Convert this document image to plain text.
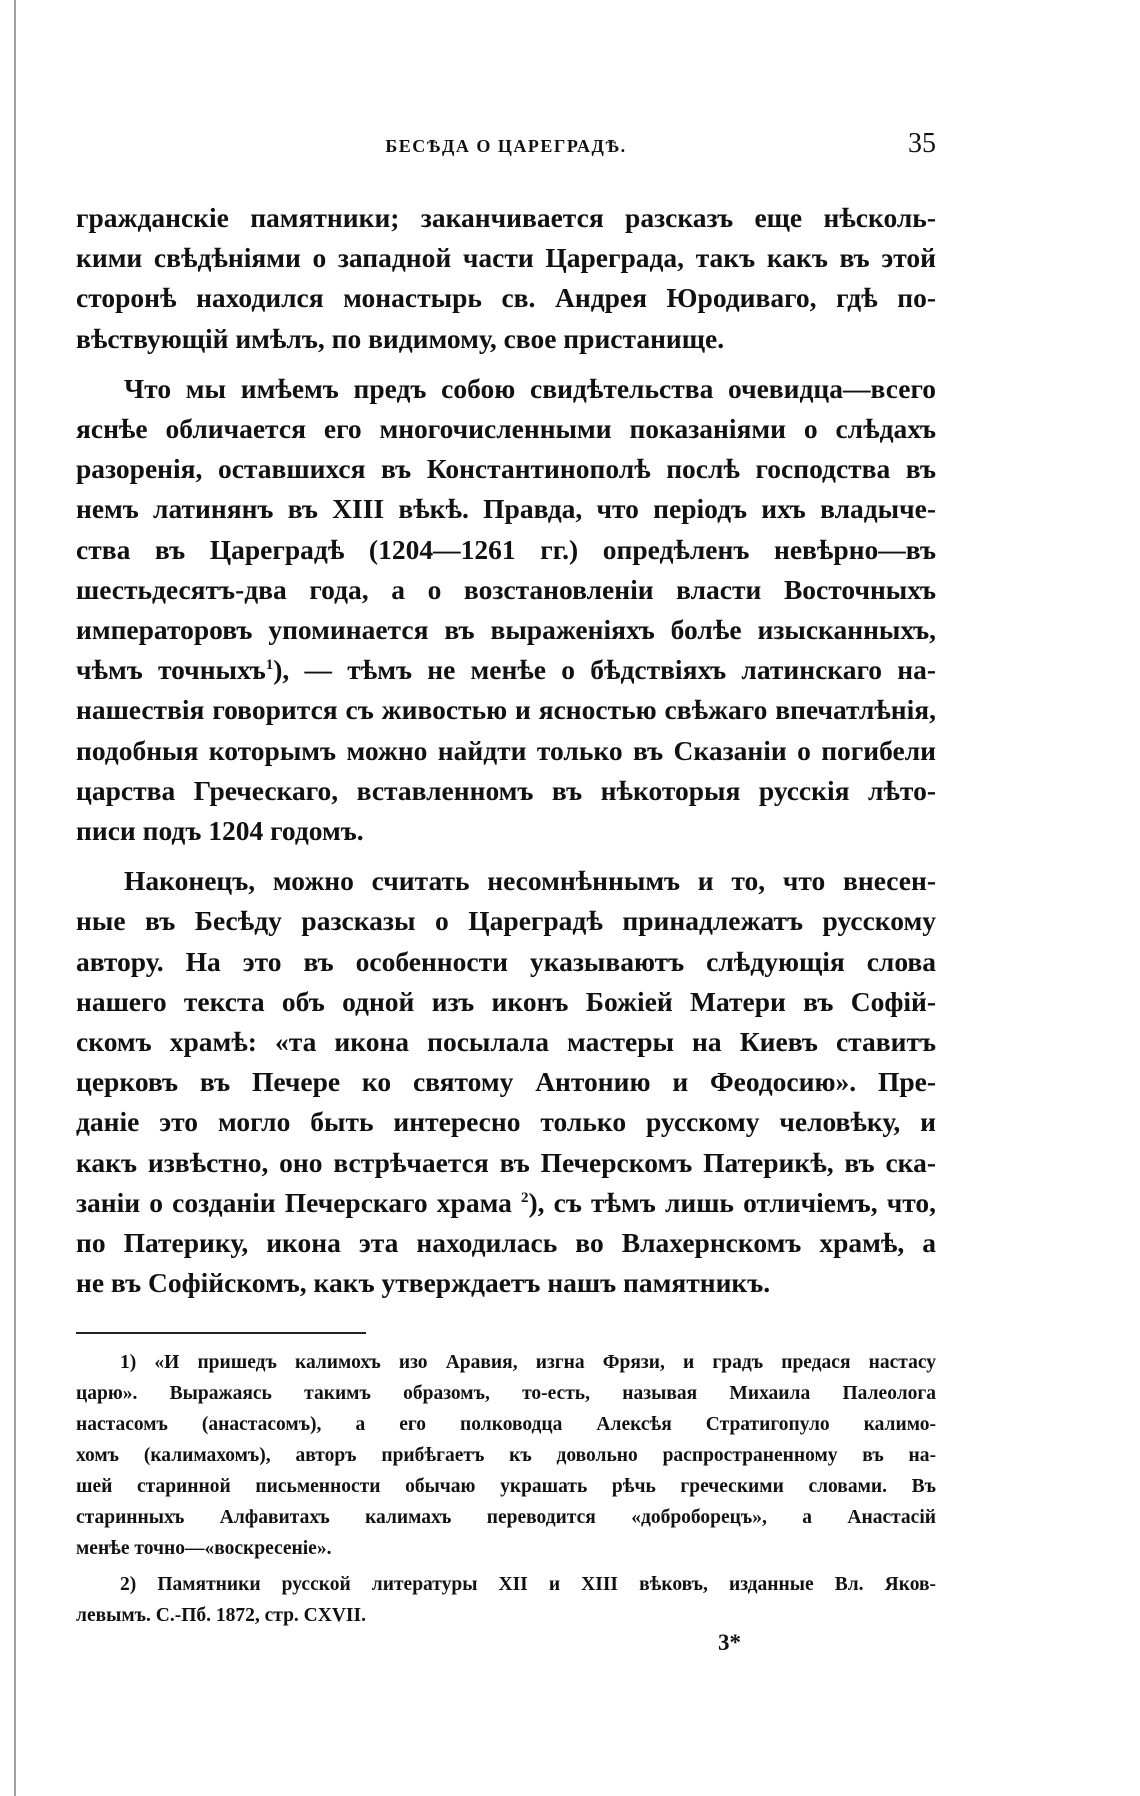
БЕСѢДА О ЦАРЕГРАДѢ.	35
гражданскіе памятники; заканчивается разсказъ еще нѣсколь-
кими свѣдѣніями о западной части Цареграда, такъ какъ въ этой
сторонѣ находился монастырь св. Андрея Юродиваго, гдѣ по-
вѣствующій имѣлъ, по видимому, свое пристанище.
Что мы имѣемъ предъ собою свидѣтельства очевидца—всего
яснѣе обличается его многочисленными показаніями о слѣдахъ
разоренія, оставшихся въ Константинополѣ послѣ господства въ
немъ латинянъ въ XIII вѣкѣ. Правда, что періодъ ихъ владыче-
ства въ Цареградѣ (1204—1261 гг.) опредѣленъ невѣрно—въ
шестьдесятъ-два года, а о возстановленіи власти Восточныхъ
императоровъ упоминается въ выраженіяхъ болѣе изысканныхъ,
чѣмъ точныхъ$^1$), — тѣмъ не менѣе о бѣдствіяхъ латинскаго на-
нашествія говорится съ живостью и ясностью свѣжаго впечатлѣнія,
подобныя которымъ можно найдти только въ Сказаніи о погибели
царства Греческаго, вставленномъ въ нѣкоторыя русскія лѣто-
писи подъ 1204 годомъ.
Наконецъ, можно считать несомнѣннымъ и то, что внесен-
ные въ Бесѣду разсказы о Цареградѣ принадлежатъ русскому
автору. На это въ особенности указываютъ слѣдующія слова
нашего текста объ одной изъ иконъ Божіей Матери въ Софій-
скомъ храмѣ: «та икона посылала мастеры на Киевъ ставитъ
церковъ въ Печере ко святому Антонию и Феодосию». Пре-
даніе это могло быть интересно только русскому человѣку, и
какъ извѣстно, оно встрѣчается въ Печерскомъ Патерикѣ, въ ска-
заніи о созданіи Печерскаго храма $^2$), съ тѣмъ лишь отличіемъ, что,
по Патерику, икона эта находилась во Влахернскомъ храмѣ, а
не въ Софійскомъ, какъ утверждаетъ нашъ памятникъ.
1) «И пришедъ калимохъ изо Аравия, изгна Фрязи, и градъ предася настасу
царю». Выражаясь такимъ образомъ, то-есть, называя Михаила Палеолога
настасомъ (анастасомъ), а его полководца Алексѣя Стратигопуло калимо-
хомъ (калимахомъ), авторъ прибѣгаетъ къ довольно распространенному въ на-
шей старинной письменности обычаю украшать рѣчь греческими словами. Въ
старинныхъ Алфавитахъ калимахъ переводится «доброборецъ», а Анастасій
менѣе точно—«воскресеніе».
2) Памятники русской литературы XII и XIII вѣковъ, изданные Вл. Яков-
левымъ. С.-Пб. 1872, стр. CXVII.
3*
